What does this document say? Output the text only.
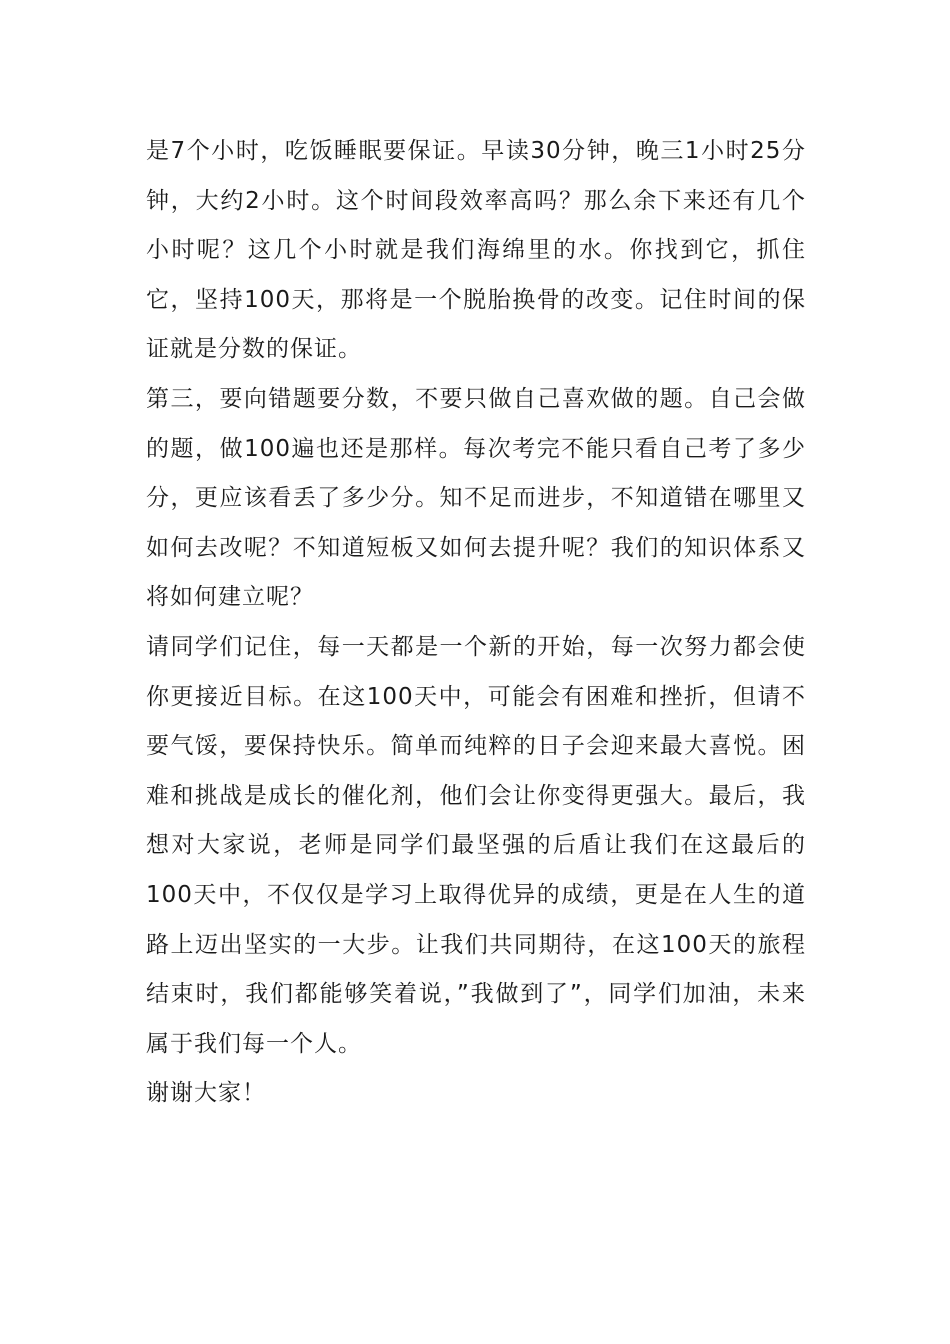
是7个小时，吃饭睡眠要保证。早读30分钟，晚三1小时25分钟，大约2小时。这个时间段效率高吗？那么余下来还有几个小时呢？这几个小时就是我们海绵里的水。你找到它，抓住它，坚持100天，那将是一个脱胎换骨的改变。记住时间的保证就是分数的保证。

第三，要向错题要分数，不要只做自己喜欢做的题。自己会做的题，做100遍也还是那样。每次考完不能只看自己考了多少分，更应该看丢了多少分。知不足而进步，不知道错在哪里又如何去改呢？不知道短板又如何去提升呢？我们的知识体系又将如何建立呢？

请同学们记住，每一天都是一个新的开始，每一次努力都会使你更接近目标。在这100天中，可能会有困难和挫折，但请不要气馁，要保持快乐。简单而纯粹的日子会迎来最大喜悦。困难和挑战是成长的催化剂，他们会让你变得更强大。最后，我想对大家说，老师是同学们最坚强的后盾让我们在这最后的100天中，不仅仅是学习上取得优异的成绩，更是在人生的道路上迈出坚实的一大步。让我们共同期待，在这100天的旅程结束时，我们都能够笑着说，”我做到了”，同学们加油，未来属于我们每一个人。

谢谢大家！
